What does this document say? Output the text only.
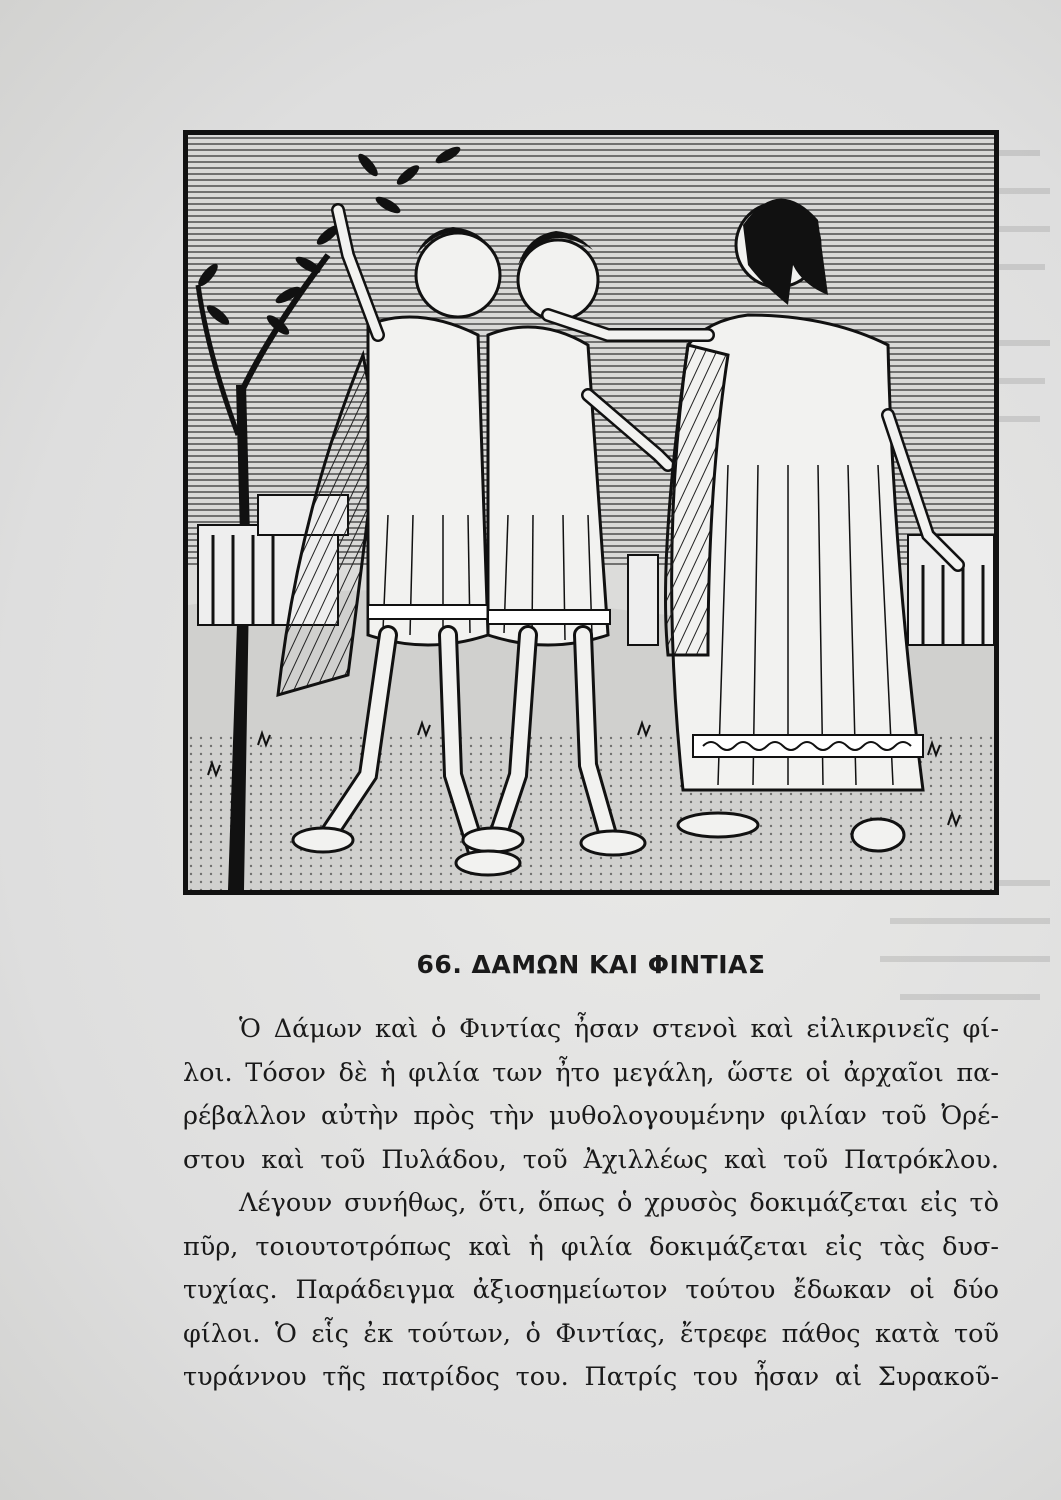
66. ΔΑΜΩΝ ΚΑΙ ΦΙΝΤΙΑΣ
Ὁ Δάμων καὶ ὁ Φιντίας ἦσαν στενοὶ καὶ εἰλικρινεῖς φί-
λοι. Τόσον δὲ ἡ φιλία των ἦτο μεγάλη, ὥστε οἱ ἀρχαῖοι πα-
ρέβαλλον αὐτὴν πρὸς τὴν μυθολογουμένην φιλίαν τοῦ Ὀρέ-
στου καὶ τοῦ Πυλάδου, τοῦ Ἀχιλλέως καὶ τοῦ Πατρόκλου.
Λέγουν συνήθως, ὅτι, ὅπως ὁ χρυσὸς δοκιμάζεται εἰς τὸ
πῦρ, τοιουτοτρόπως καὶ ἡ φιλία δοκιμάζεται εἰς τὰς δυσ-
τυχίας. Παράδειγμα ἀξιοσημείωτον τούτου ἔδωκαν οἱ δύο
φίλοι. Ὁ εἷς ἐκ τούτων, ὁ Φιντίας, ἔτρεφε πάθος κατὰ τοῦ
τυράννου τῆς πατρίδος του. Πατρίς του ἦσαν αἱ Συρακοῦ-
